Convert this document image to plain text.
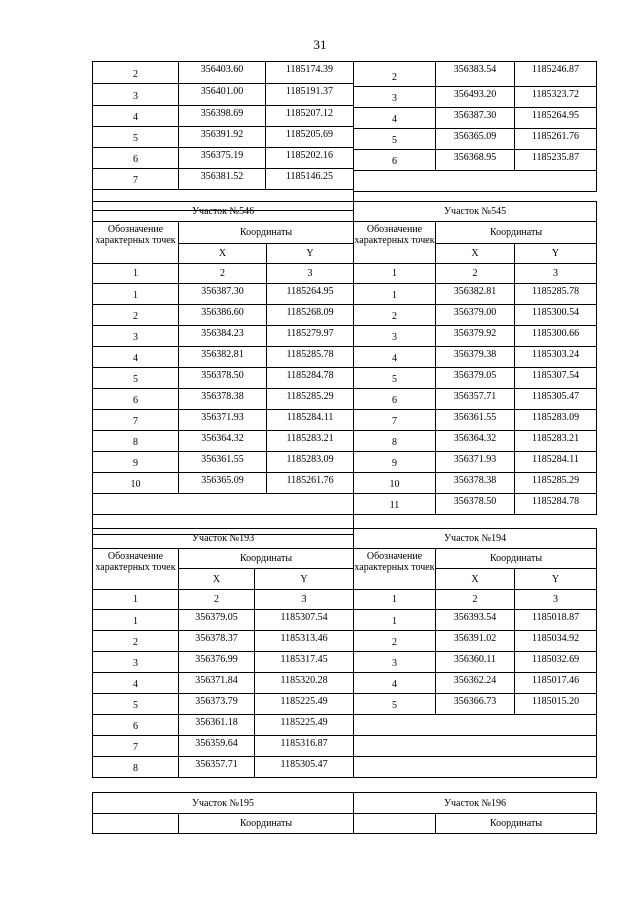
31
2	356403.60	1185174.39
3	356401.00	1185191.37
4	356398.69	1185207.12
5	356391.92	1185205.69
6	356375.19	1185202.16
7	356381.52	1185146.25

2	356383.54	1185246.87
3	356493.20	1185323.72
4	356387.30	1185264.95
5	356365.09	1185261.76
6	356368.95	1185235.87

Участок №546		
Обозначение характерных точек	Координаты	
	X	Y
1	2	3
1	356387.30	1185264.95
2	356386.60	1185268.09
3	356384.23	1185279.97
4	356382.81	1185285.78
5	356378.50	1185284.78
6	356378.38	1185285.29
7	356371.93	1185284.11
8	356364.32	1185283.21
9	356361.55	1185283.09
10	356365.09	1185261.76

Участок №545		
Обозначение характерных точек	Координаты	
	X	Y
1	2	3
1	356382.81	1185285.78
2	356379.00	1185300.54
3	356379.92	1185300.66
4	356379.38	1185303.24
5	356379.05	1185307.54
6	356357.71	1185305.47
7	356361.55	1185283.09
8	356364.32	1185283.21
9	356371.93	1185284.11
10	356378.38	1185285.29
11	356378.50	1185284.78
Участок №193		
Обозначение характерных точек	Координаты	
	X	Y
1	2	3
1	356379.05	1185307.54
2	356378.37	1185313.46
3	356376.99	1185317.45
4	356371.84	1185320.28
5	356373.79	1185225.49
6	356361.18	1185225.49
7	356359.64	1185316.87
8	356357.71	1185305.47
Участок №194		
Обозначение характерных точек	Координаты	
	X	Y
1	2	3
1	356393.54	1185018.87
2	356391.02	1185034.92
3	356360.11	1185032.69
4	356362.24	1185017.46
5	356366.73	1185015.20

Участок №195
	Координаты
Участок №196
	Координаты
